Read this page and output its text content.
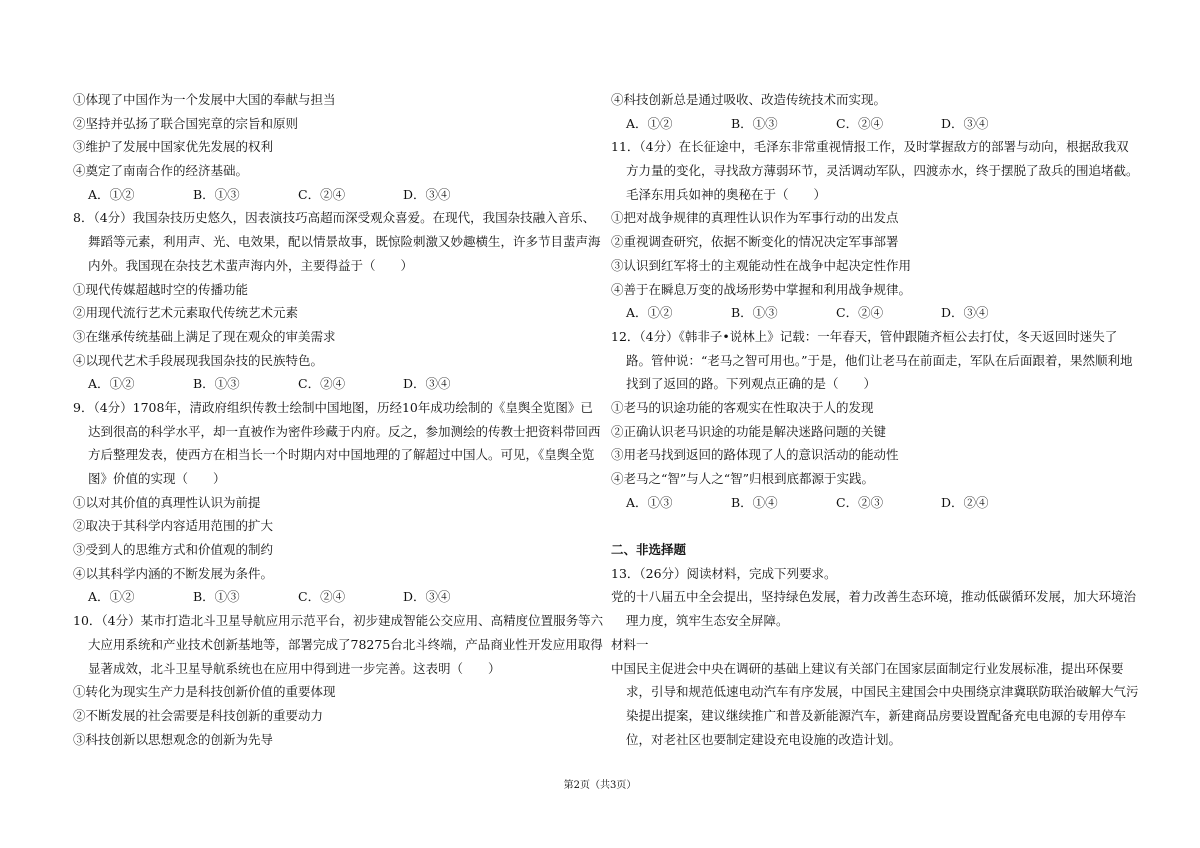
①体现了中国作为一个发展中大国的奉献与担当
②坚持并弘扬了联合国宪章的宗旨和原则
③维护了发展中国家优先发展的权利
④奠定了南南合作的经济基础。
A．①②	B．①③	C．②④	D．③④
8．（4分）我国杂技历史悠久，因表演技巧高超而深受观众喜爱。在现代，我国杂技融入音乐、
舞蹈等元素，利用声、光、电效果，配以情景故事，既惊险刺激又妙趣横生，许多节目蜚声海
内外。我国现在杂技艺术蜚声海内外，主要得益于（　　）
①现代传媒超越时空的传播功能
②用现代流行艺术元素取代传统艺术元素
③在继承传统基础上满足了现在观众的审美需求
④以现代艺术手段展现我国杂技的民族特色。
A．①②	B．①③	C．②④	D．③④
9．（4分）1708年，清政府组织传教士绘制中国地图，历经10年成功绘制的《皇舆全览图》已
达到很高的科学水平，却一直被作为密件珍藏于内府。反之，参加测绘的传教士把资料带回西
方后整理发表，使西方在相当长一个时期内对中国地理的了解超过中国人。可见，《皇舆全览
图》价值的实现（　　）
①以对其价值的真理性认识为前提
②取决于其科学内容适用范围的扩大
③受到人的思维方式和价值观的制约
④以其科学内涵的不断发展为条件。
A．①②	B．①③	C．②④	D．③④
10．（4分）某市打造北斗卫星导航应用示范平台，初步建成智能公交应用、高精度位置服务等六
大应用系统和产业技术创新基地等，部署完成了78275台北斗终端，产品商业性开发应用取得
显著成效，北斗卫星导航系统也在应用中得到进一步完善。这表明（　　）
①转化为现实生产力是科技创新价值的重要体现
②不断发展的社会需要是科技创新的重要动力
③科技创新以思想观念的创新为先导
④科技创新总是通过吸收、改造传统技术而实现。
A．①②	B．①③	C．②④	D．③④
11．（4分）在长征途中，毛泽东非常重视情报工作，及时掌握敌方的部署与动向，根据敌我双
方力量的变化，寻找敌方薄弱环节，灵活调动军队，四渡赤水，终于摆脱了敌兵的围追堵截。
毛泽东用兵如神的奥秘在于（　　）
①把对战争规律的真理性认识作为军事行动的出发点
②重视调查研究，依据不断变化的情况决定军事部署
③认识到红军将士的主观能动性在战争中起决定性作用
④善于在瞬息万变的战场形势中掌握和利用战争规律。
A．①②	B．①③	C．②④	D．③④
12．（4分）《韩非子•说林上》记载：一年春天，管仲跟随齐桓公去打仗，冬天返回时迷失了
路。管仲说：“老马之智可用也。”于是，他们让老马在前面走，军队在后面跟着，果然顺利地
找到了返回的路。下列观点正确的是（　　）
①老马的识途功能的客观实在性取决于人的发现
②正确认识老马识途的功能是解决迷路问题的关键
③用老马找到返回的路体现了人的意识活动的能动性
④老马之“智”与人之“智”归根到底都源于实践。
A．①③	B．①④	C．②③	D．②④
二、非选择题
13．（26分）阅读材料，完成下列要求。
党的十八届五中全会提出，坚持绿色发展，着力改善生态环境，推动低碳循环发展，加大环境治
理力度，筑牢生态安全屏障。
材料一
中国民主促进会中央在调研的基础上建议有关部门在国家层面制定行业发展标准，提出环保要
求，引导和规范低速电动汽车有序发展，中国民主建国会中央围绕京津冀联防联治破解大气污
染提出提案，建议继续推广和普及新能源汽车，新建商品房要设置配备充电电源的专用停车
位，对老社区也要制定建设充电设施的改造计划。
第2页（共3页）
